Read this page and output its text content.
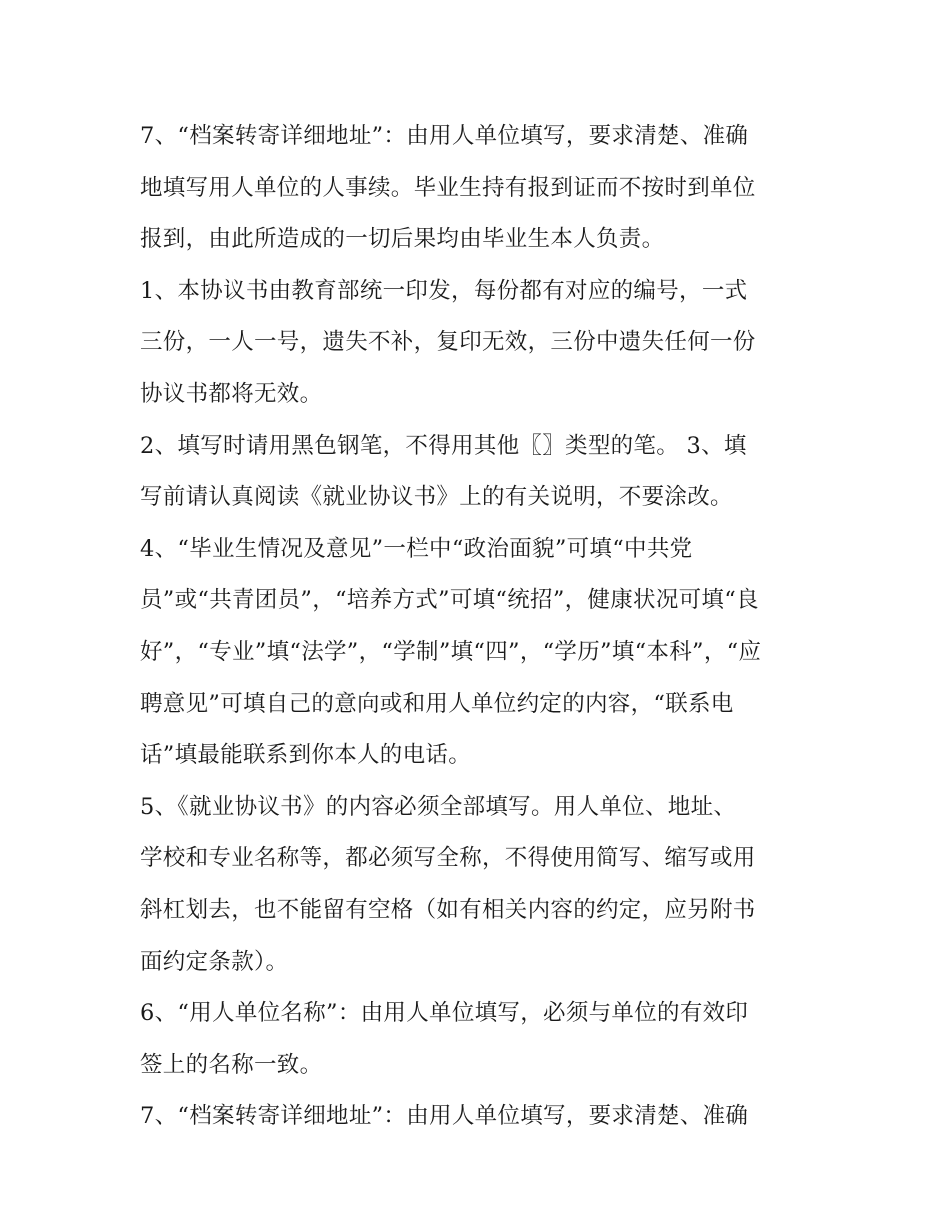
7、“档案转寄详细地址”：由用人单位填写，要求清楚、准确
地填写用人单位的人事续。毕业生持有报到证而不按时到单位
报到，由此所造成的一切后果均由毕业生本人负责。

1、本协议书由教育部统一印发，每份都有对应的编号，一式
三份，一人一号，遗失不补，复印无效，三份中遗失任何一份
协议书都将无效。

2、填写时请用黑色钢笔，不得用其他〖〗类型的笔。 3、填
写前请认真阅读《就业协议书》上的有关说明，不要涂改。

4、“毕业生情况及意见”一栏中“政治面貌”可填“中共党
员”或“共青团员”，“培养方式”可填“统招”，健康状况可填“良
好”，“专业”填“法学”，“学制”填“四”，“学历”填“本科”，“应
聘意见”可填自己的意向或和用人单位约定的内容，“联系电
话”填最能联系到你本人的电话。

5、《就业协议书》的内容必须全部填写。用人单位、地址、
学校和专业名称等，都必须写全称，不得使用简写、缩写或用
斜杠划去，也不能留有空格（如有相关内容的约定，应另附书
面约定条款）。

6、“用人单位名称”：由用人单位填写，必须与单位的有效印
签上的名称一致。

7、“档案转寄详细地址”：由用人单位填写，要求清楚、准确
